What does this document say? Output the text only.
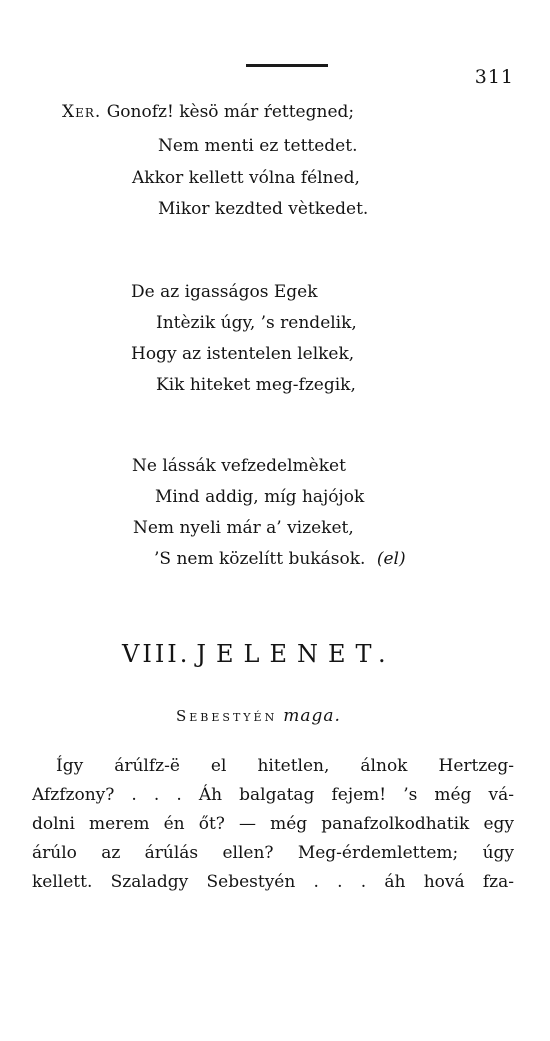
311
Xer. Gonofz! kèsö már ŕettegned;
Nem menti ez tettedet.
Akkor kellett vólna félned,
Mikor kezdted vètkedet.
De az igasságos Egek
Intèzik úgy, ’s rendelik,
Hogy az istentelen lelkek,
Kik hiteket meg-fzegik,
Ne lássák vefzedelmèket
Mind addig, míg hajójok
Nem nyeli már a’ vizeket,
’S nem közelítt bukások. (el)
VIII. JELENET.
Sebestyén maga.
Így árúlfz-ë el hitetlen, álnok Hertzeg-
Afzfzony? . . . Áh balgatag fejem! ’s még vá-
dolni merem én őt? — még panafzolkodhatik egy
árúlo az árúlás ellen? Meg-érdemlettem; úgy
kellett. Szaladgy Sebestyén . . . áh hová fza-
